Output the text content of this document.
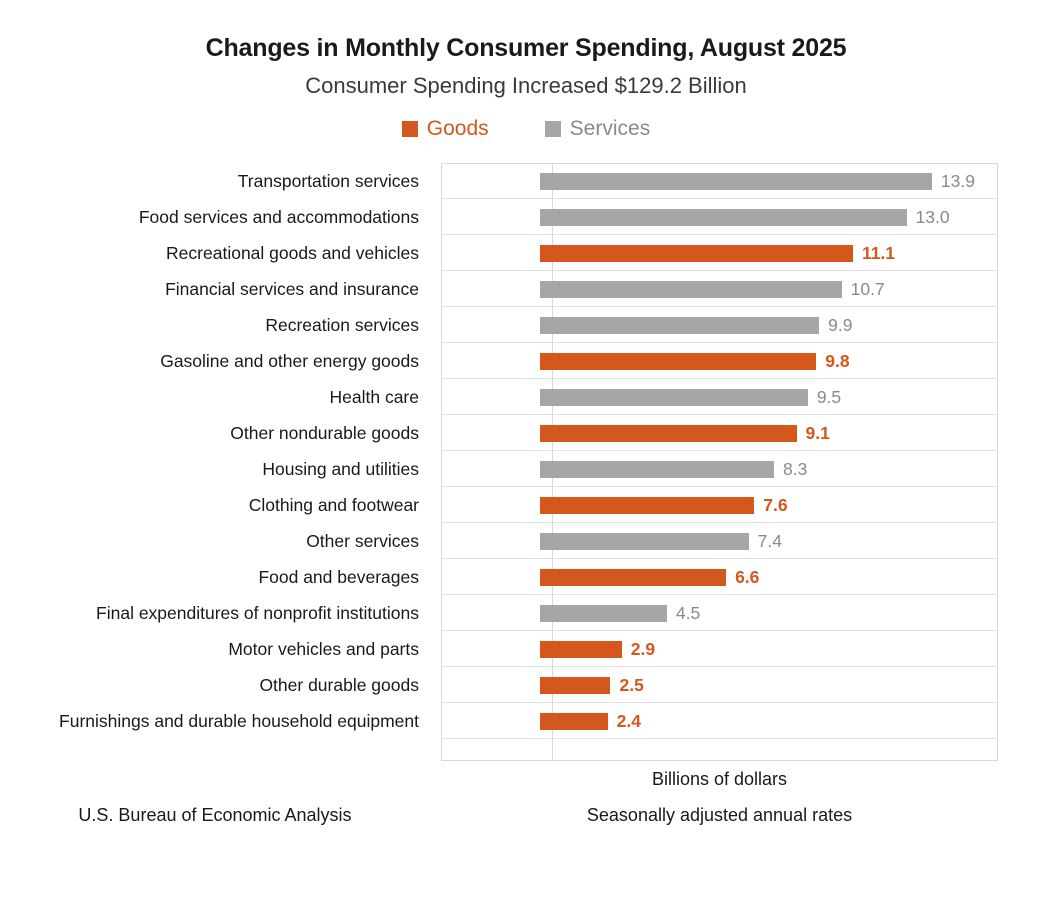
Changes in Monthly Consumer Spending, August 2025
Consumer Spending Increased $129.2 Billion
Goods	Services
Transportation services	13.9
Food services and accommodations	13.0
Recreational goods and vehicles	11.1
Financial services and insurance	10.7
Recreation services	9.9
Gasoline and other energy goods	9.8
Health care	9.5
Other nondurable goods	9.1
Housing and utilities	8.3
Clothing and footwear	7.6
Other services	7.4
Food and beverages	6.6
Final expenditures of nonprofit institutions	4.5
Motor vehicles and parts	2.9
Other durable goods	2.5
Furnishings and durable household equipment	2.4
Billions of dollars
U.S. Bureau of Economic Analysis	Seasonally adjusted annual rates
